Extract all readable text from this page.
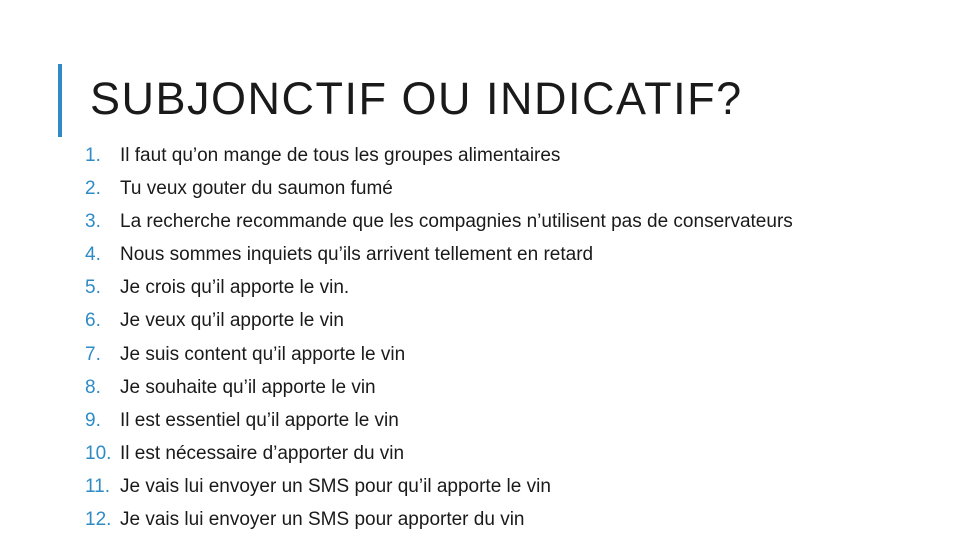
SUBJONCTIF OU INDICATIF?
1.	Il faut qu’on mange de tous les groupes alimentaires
2.	Tu veux gouter du saumon fumé
3.	La recherche recommande que les compagnies n’utilisent pas de conservateurs
4.	Nous sommes inquiets qu’ils arrivent tellement en retard
5.	Je crois qu’il apporte le vin.
6.	Je veux qu’il apporte le vin
7.	Je suis content qu’il apporte le vin
8.	Je souhaite qu’il apporte le vin
9.	Il est essentiel qu’il apporte le vin
10. Il est nécessaire d’apporter du vin
11. Je vais lui envoyer un SMS pour qu’il apporte le vin
12. Je vais lui envoyer un SMS pour apporter du vin
